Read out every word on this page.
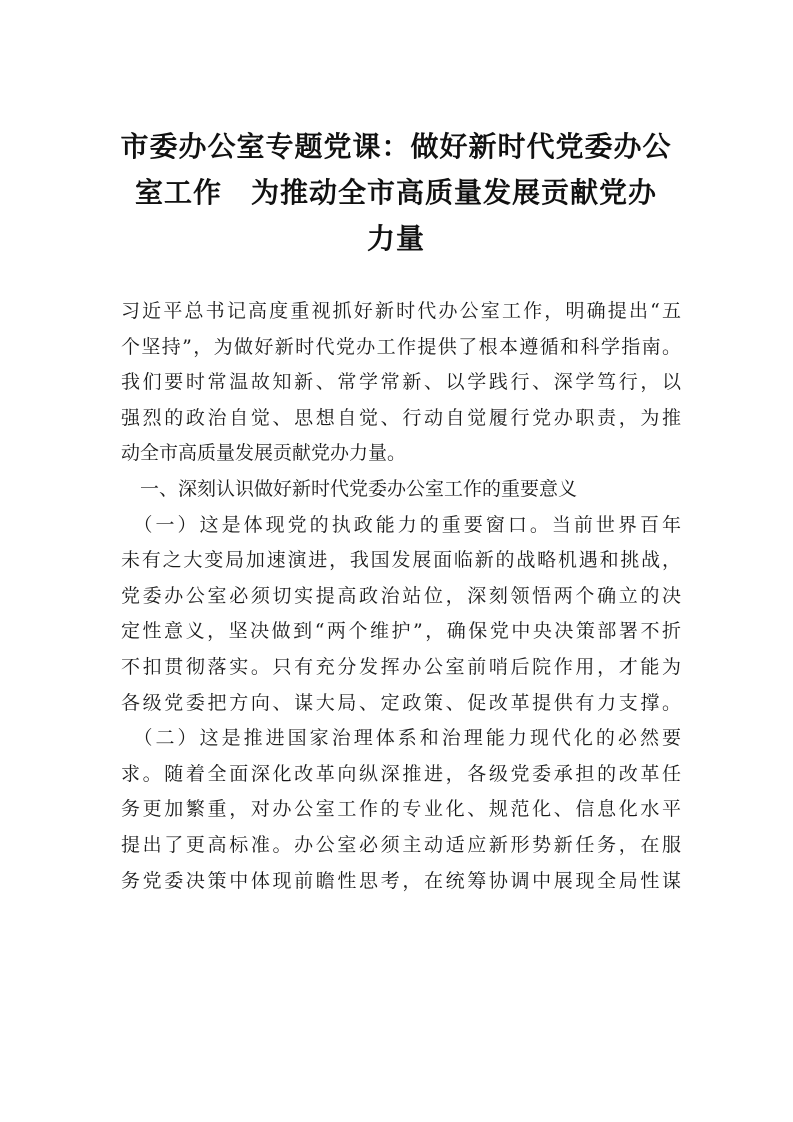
市委办公室专题党课：做好新时代党委办公
室工作　为推动全市高质量发展贡献党办
力量
习近平总书记高度重视抓好新时代办公室工作，明确提出“五
个坚持”，为做好新时代党办工作提供了根本遵循和科学指南。
我们要时常温故知新、常学常新、以学践行、深学笃行，以
强烈的政治自觉、思想自觉、行动自觉履行党办职责，为推
动全市高质量发展贡献党办力量。
　一、深刻认识做好新时代党委办公室工作的重要意义
　（一）这是体现党的执政能力的重要窗口。当前世界百年
未有之大变局加速演进，我国发展面临新的战略机遇和挑战，
党委办公室必须切实提高政治站位，深刻领悟两个确立的决
定性意义，坚决做到“两个维护”，确保党中央决策部署不折
不扣贯彻落实。只有充分发挥办公室前哨后院作用，才能为
各级党委把方向、谋大局、定政策、促改革提供有力支撑。
　（二）这是推进国家治理体系和治理能力现代化的必然要
求。随着全面深化改革向纵深推进，各级党委承担的改革任
务更加繁重，对办公室工作的专业化、规范化、信息化水平
提出了更高标准。办公室必须主动适应新形势新任务，在服
务党委决策中体现前瞻性思考，在统筹协调中展现全局性谋
